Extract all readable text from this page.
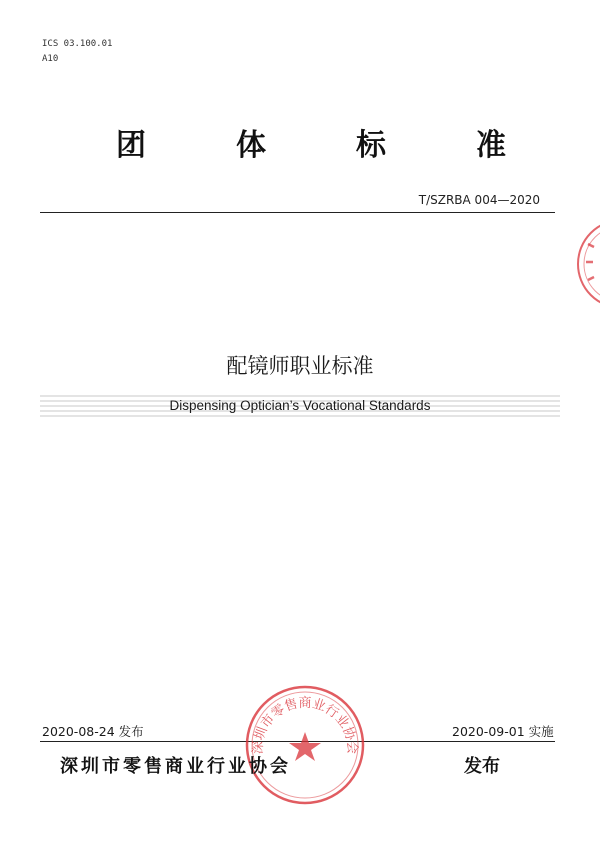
ICS 03.100.01
A10
团	体	标	准
T/SZRBA 004—2020
配镜师职业标准
Dispensing Optician’s Vocational Standards
2020-08-24 发布	2020-09-01 实施
深圳市零售商业行业协会
深圳市零售商业行业协会	发布
